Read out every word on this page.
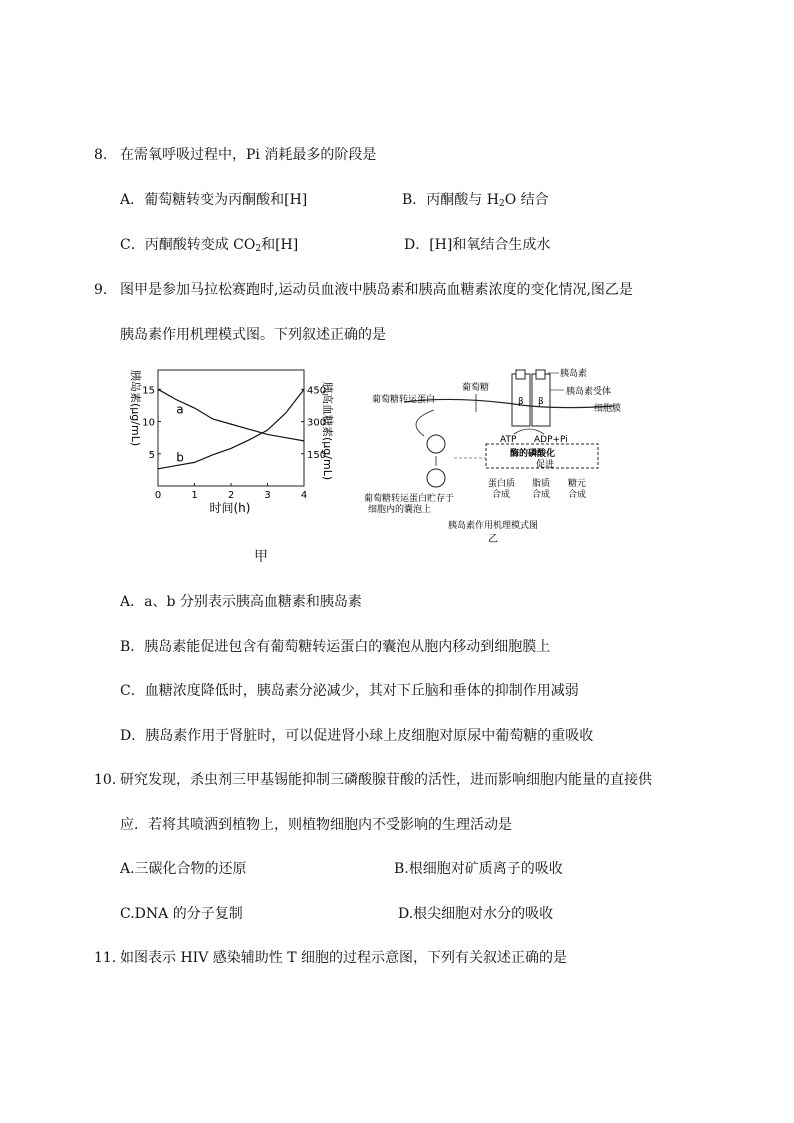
8. 在需氧呼吸过程中，Pi 消耗最多的阶段是
A．葡萄糖转变为丙酮酸和[H]	B．丙酮酸与 $H_2O$ 结合
C．丙酮酸转变成 $CO_2$和[H]	D．[H]和氧结合生成水
9. 图甲是参加马拉松赛跑时,运动员血液中胰岛素和胰高血糖素浓度的变化情况,图乙是
胰岛素作用机理模式图。下列叙述正确的是
胰岛素(μg/mL)
0	1	2	3	4
5
10
15
150
300
450
a
b	胰高血糖素(μg/mL)
时间(h)
甲
β β
胰岛素
胰岛素受体
细胞膜
葡萄糖
葡萄糖转运蛋白
ATP ADP+Pi
酶的磷酸化
促进
蛋白质
合成
脂质
合成
糖元
合成
葡萄糖转运蛋白贮存于
细胞内的囊泡上
胰岛素作用机理模式图
乙
A．a、b 分别表示胰高血糖素和胰岛素
B．胰岛素能促进包含有葡萄糖转运蛋白的囊泡从胞内移动到细胞膜上
C．血糖浓度降低时，胰岛素分泌减少，其对下丘脑和垂体的抑制作用减弱
D．胰岛素作用于肾脏时，可以促进肾小球上皮细胞对原尿中葡萄糖的重吸收
10. 研究发现，杀虫剂三甲基锡能抑制三磷酸腺苷酸的活性，进而影响细胞内能量的直接供
应．若将其喷洒到植物上，则植物细胞内不受影响的生理活动是
A.三碳化合物的还原	B.根细胞对矿质离子的吸收
C.DNA 的分子复制	D.根尖细胞对水分的吸收
11. 如图表示 HIV 感染辅助性 T 细胞的过程示意图，下列有关叙述正确的是
